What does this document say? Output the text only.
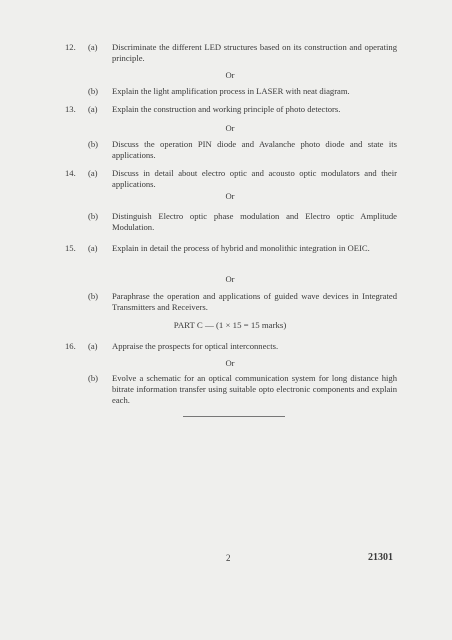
12.	(a)	Discriminate the different LED structures based on its construction and operating principle.
Or
(b)	Explain the light amplification process in LASER with neat diagram.
13.	(a)	Explain the construction and working principle of photo detectors.
Or
(b)	Discuss the operation PIN diode and Avalanche photo diode and state its applications.
14.	(a)	Discuss in detail about electro optic and acousto optic modulators and their applications.
Or
(b)	Distinguish Electro optic phase modulation and Electro optic Amplitude Modulation.
15.	(a)	Explain in detail the process of hybrid and monolithic integration in OEIC.
Or
(b)	Paraphrase the operation and applications of guided wave devices in Integrated Transmitters and Receivers.
PART C — (1 × 15 = 15 marks)
16.	(a)	Appraise the prospects for optical interconnects.
Or
(b)	Evolve a schematic for an optical communication system for long distance high bitrate information transfer using suitable opto electronic components and explain each.
2	21301
